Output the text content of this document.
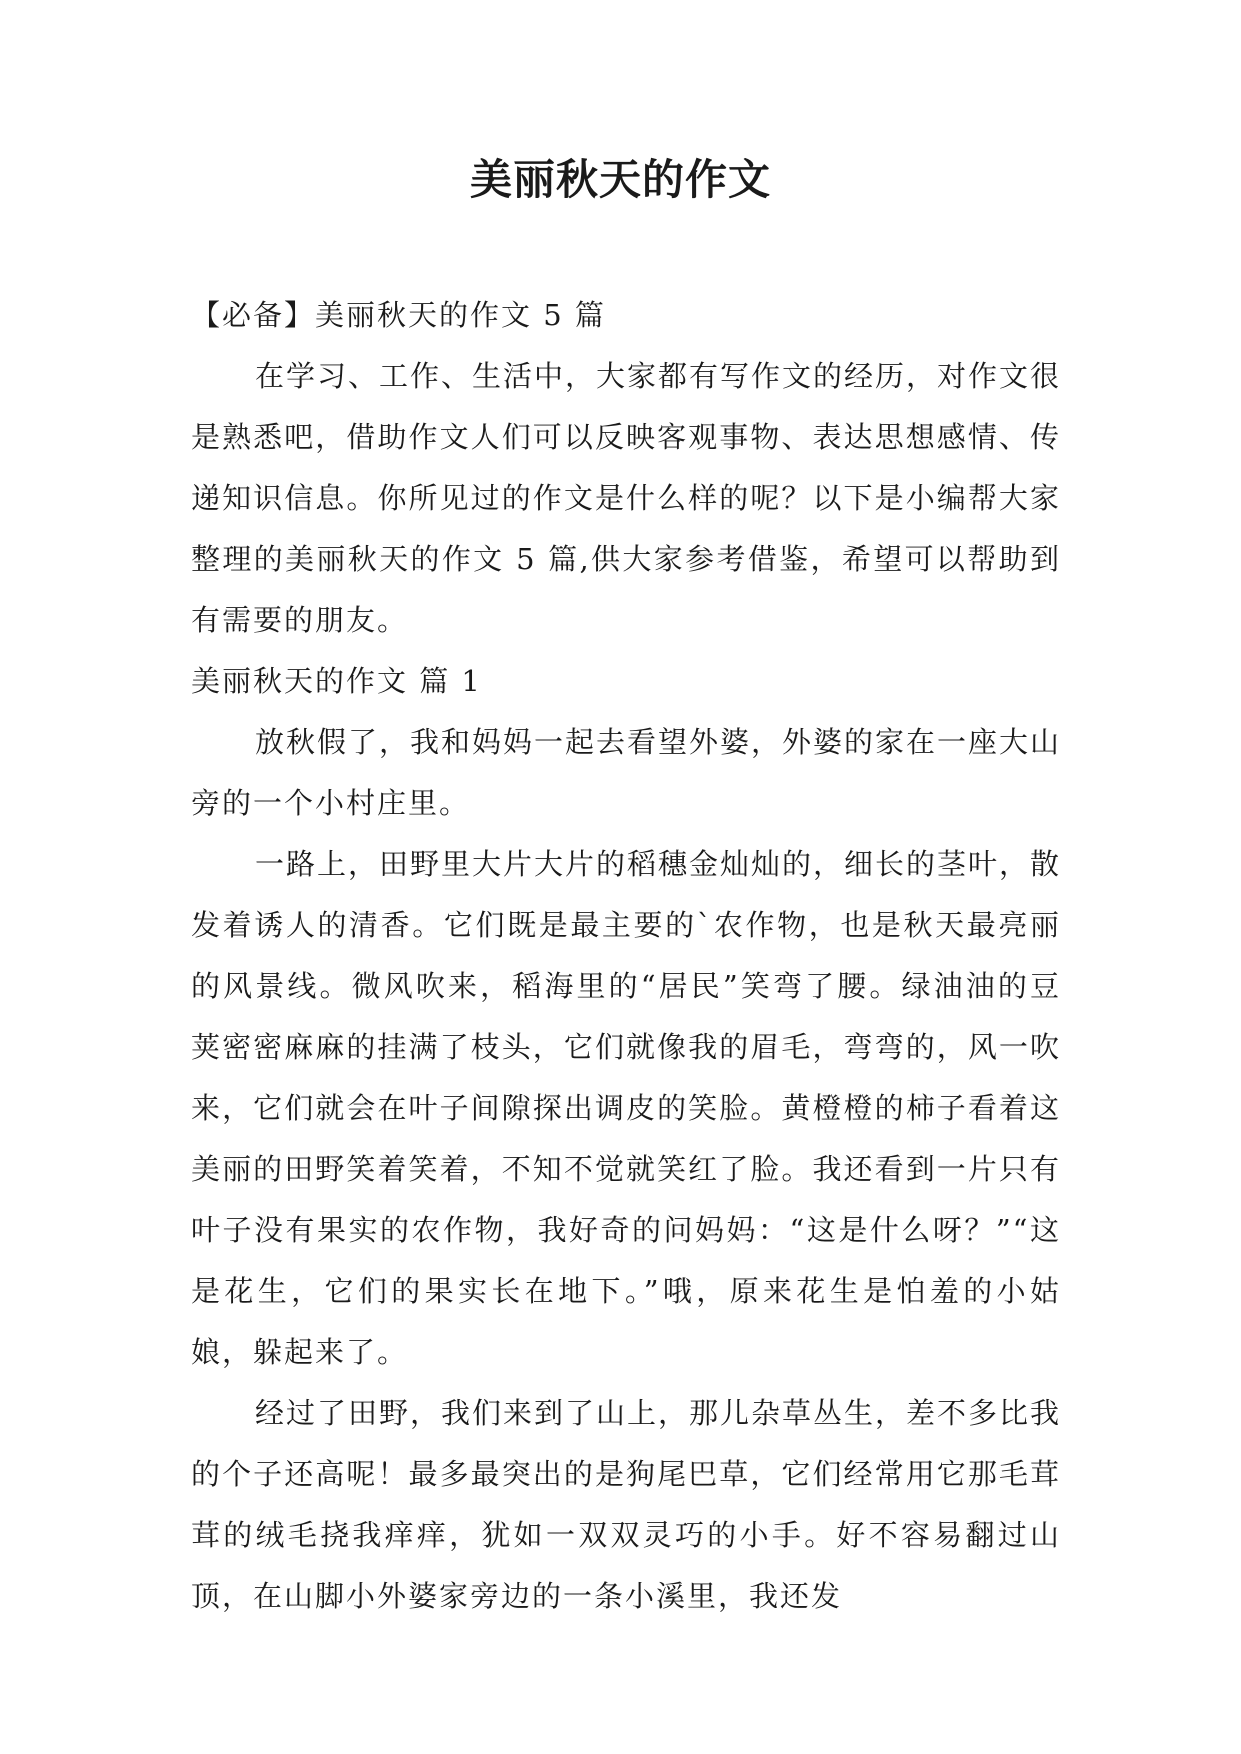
美丽秋天的作文

【必备】美丽秋天的作文 5 篇

在学习、工作、生活中，大家都有写作文的经历，对作文很是熟悉吧，借助作文人们可以反映客观事物、表达思想感情、传递知识信息。你所见过的作文是什么样的呢？以下是小编帮大家整理的美丽秋天的作文 5 篇,供大家参考借鉴，希望可以帮助到有需要的朋友。

美丽秋天的作文 篇 1

放秋假了，我和妈妈一起去看望外婆，外婆的家在一座大山旁的一个小村庄里。

一路上，田野里大片大片的稻穗金灿灿的，细长的茎叶，散发着诱人的清香。它们既是最主要的`农作物，也是秋天最亮丽的风景线。微风吹来，稻海里的“居民”笑弯了腰。绿油油的豆荚密密麻麻的挂满了枝头，它们就像我的眉毛，弯弯的，风一吹来，它们就会在叶子间隙探出调皮的笑脸。黄橙橙的柿子看着这美丽的田野笑着笑着，不知不觉就笑红了脸。我还看到一片只有叶子没有果实的农作物，我好奇的问妈妈：“这是什么呀？”“这是花生，它们的果实长在地下。”哦，原来花生是怕羞的小姑娘，躲起来了。

经过了田野，我们来到了山上，那儿杂草丛生，差不多比我的个子还高呢！最多最突出的是狗尾巴草，它们经常用它那毛茸茸的绒毛挠我痒痒，犹如一双双灵巧的小手。好不容易翻过山顶，在山脚小外婆家旁边的一条小溪里，我还发
